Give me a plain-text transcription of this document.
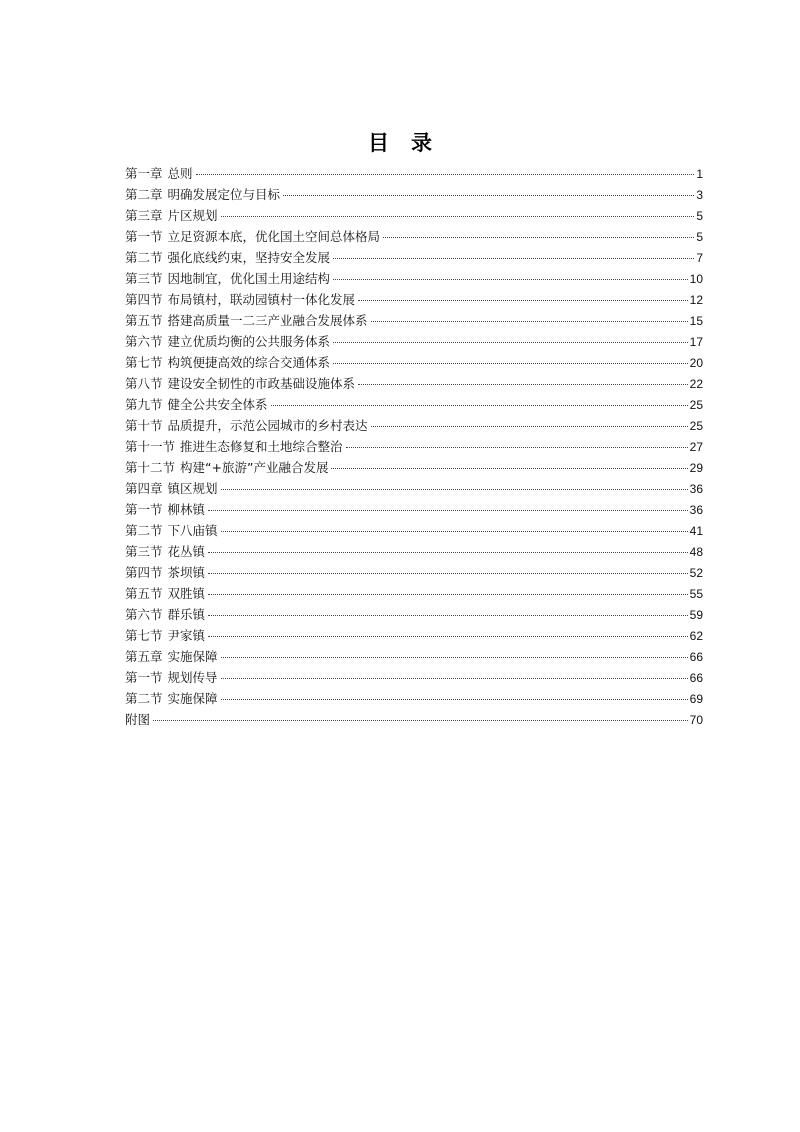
目录
第一章 总则	1
第二章 明确发展定位与目标	3
第三章 片区规划	5
第一节 立足资源本底，优化国土空间总体格局	5
第二节 强化底线约束，坚持安全发展	7
第三节 因地制宜，优化国土用途结构	10
第四节 布局镇村，联动园镇村一体化发展	12
第五节 搭建高质量一二三产业融合发展体系	15
第六节 建立优质均衡的公共服务体系	17
第七节 构筑便捷高效的综合交通体系	20
第八节 建设安全韧性的市政基础设施体系	22
第九节 健全公共安全体系	25
第十节 品质提升，示范公园城市的乡村表达	25
第十一节 推进生态修复和土地综合整治	27
第十二节 构建“+旅游”产业融合发展	29
第四章 镇区规划	36
第一节 柳林镇	36
第二节 下八庙镇	41
第三节 花丛镇	48
第四节 茶坝镇	52
第五节 双胜镇	55
第六节 群乐镇	59
第七节 尹家镇	62
第五章 实施保障	66
第一节 规划传导	66
第二节 实施保障	69
附图	70
